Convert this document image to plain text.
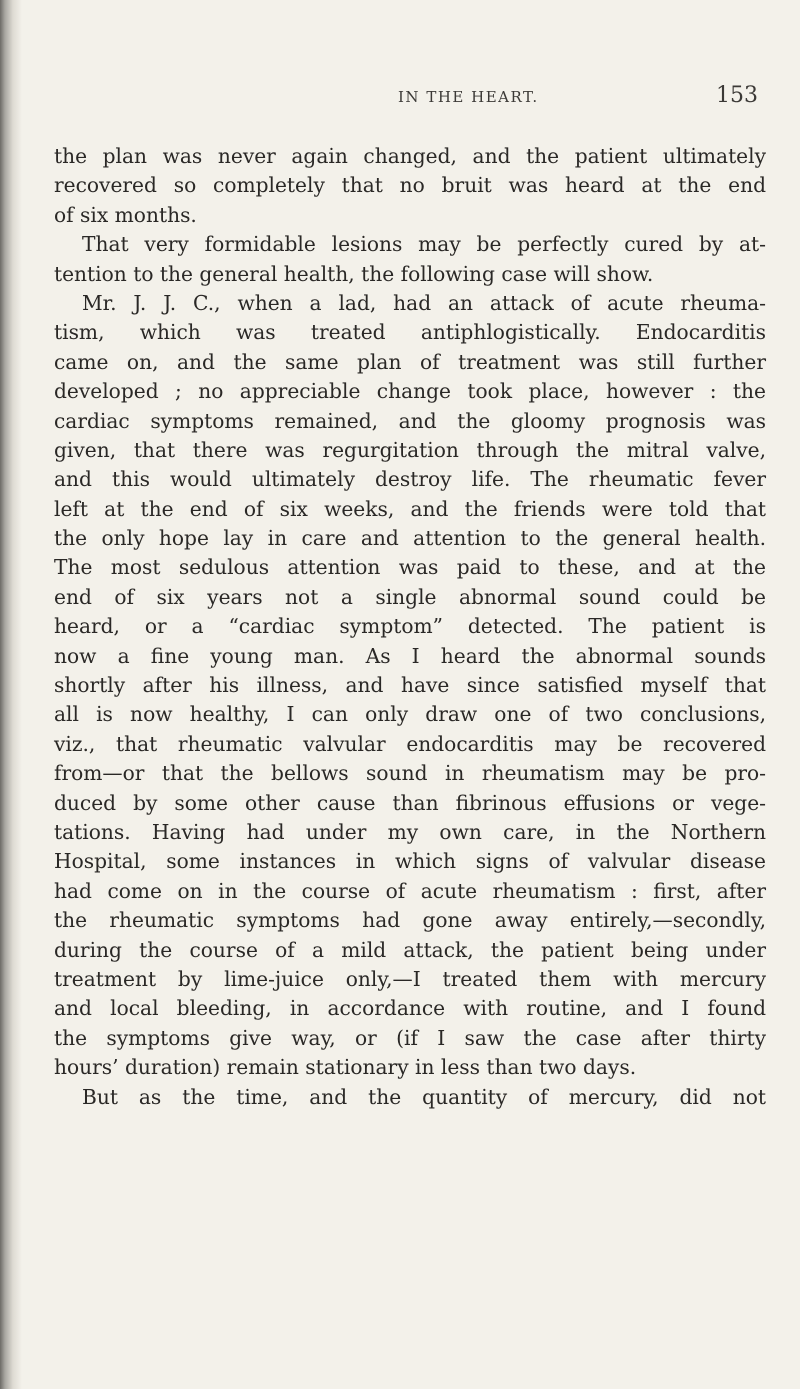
IN THE HEART.	153
the plan was never again changed, and the patient ultimately
recovered so completely that no bruit was heard at the end
of six months.
That very formidable lesions may be perfectly cured by at-
tention to the general health, the following case will show.
Mr. J. J. C., when a lad, had an attack of acute rheuma-
tism, which was treated antiphlogistically. Endocarditis
came on, and the same plan of treatment was still further
developed ; no appreciable change took place, however : the
cardiac symptoms remained, and the gloomy prognosis was
given, that there was regurgitation through the mitral valve,
and this would ultimately destroy life. The rheumatic fever
left at the end of six weeks, and the friends were told that
the only hope lay in care and attention to the general health.
The most sedulous attention was paid to these, and at the
end of six years not a single abnormal sound could be
heard, or a “cardiac symptom” detected. The patient is
now a fine young man. As I heard the abnormal sounds
shortly after his illness, and have since satisfied myself that
all is now healthy, I can only draw one of two conclusions,
viz., that rheumatic valvular endocarditis may be recovered
from—or that the bellows sound in rheumatism may be pro-
duced by some other cause than fibrinous effusions or vege-
tations. Having had under my own care, in the Northern
Hospital, some instances in which signs of valvular disease
had come on in the course of acute rheumatism : first, after
the rheumatic symptoms had gone away entirely,—secondly,
during the course of a mild attack, the patient being under
treatment by lime-juice only,—I treated them with mercury
and local bleeding, in accordance with routine, and I found
the symptoms give way, or (if I saw the case after thirty
hours’ duration) remain stationary in less than two days.
But as the time, and the quantity of mercury, did not
